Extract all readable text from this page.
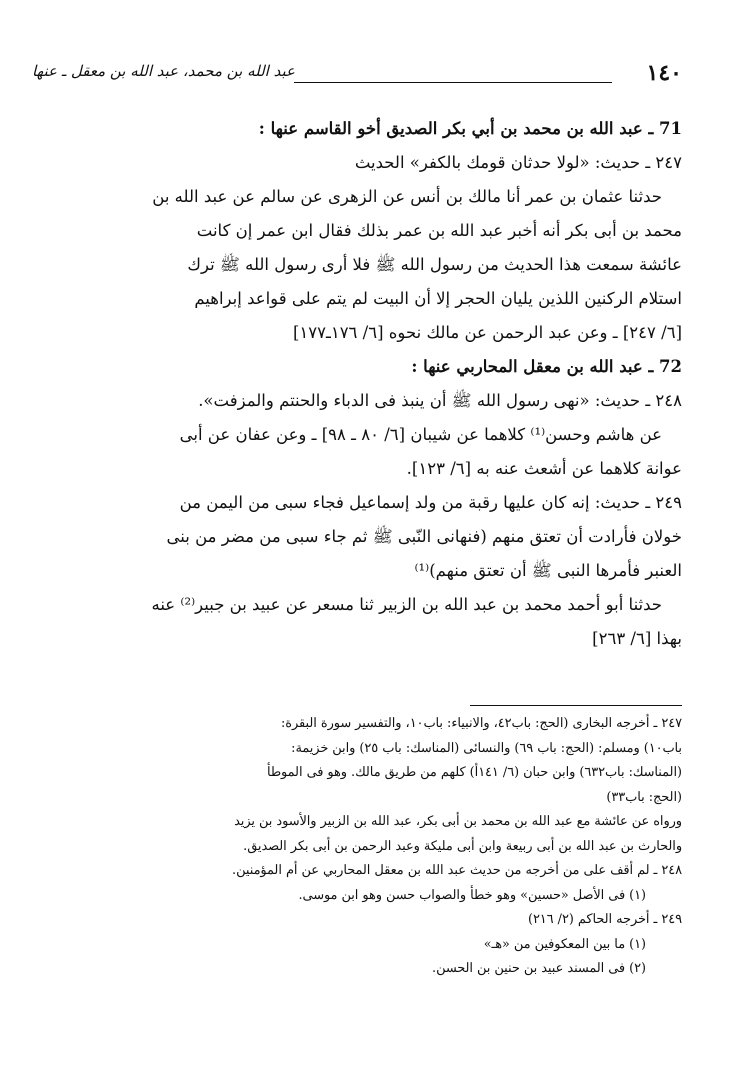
١٤٠
عبد الله بن محمد، عبد الله بن معقل ـ عنها
71 ـ عبد الله بن محمد بن أبي بكر الصديق أخو القاسم عنها :
٢٤٧ ـ حديث: «لولا حدثان قومك بالكفر» الحديث
حدثنا عثمان بن عمر أنا مالك بن أنس عن الزهرى عن سالم عن عبد الله بن
محمد بن أبى بكر أنه أخبر عبد الله بن عمر بذلك فقال ابن عمر إن كانت
عائشة سمعت هذا الحديث من رسول الله ﷺ فلا أرى رسول الله ﷺ ترك
استلام الركنين اللذين يليان الحجر إلا أن البيت لم يتم على قواعد إبراهيم
[٦/ ٢٤٧] ـ وعن عبد الرحمن عن مالك نحوه [٦/ ١٧٦ـ١٧٧]
72 ـ عبد الله بن معقل المحاربي عنها :
٢٤٨ ـ حديث: «نهى رسول الله ﷺ أن ينبذ فى الدباء والحنتم والمزفت».
عن هاشم وحسن⁽¹⁾ كلاهما عن شيبان [٦/ ٨٠ ـ ٩٨] ـ وعن عفان عن أبى
عوانة كلاهما عن أشعث عنه به [٦/ ١٢٣].
٢٤٩ ـ حديث: إنه كان عليها رقبة من ولد إسماعيل فجاء سبى من اليمن من
خولان فأرادت أن تعتق منهم (فنهانى النّبى ﷺ ثم جاء سبى من مضر من بنى
العنبر فأمرها النبى ﷺ أن تعتق منهم)⁽¹⁾
حدثنا أبو أحمد محمد بن عبد الله بن الزبير ثنا مسعر عن عبيد بن جبير⁽²⁾ عنه
بهذا [٦/ ٢٦٣]
٢٤٧ ـ أخرجه البخارى (الحج: باب٤٢، والانبياء: باب١٠، والتفسير سورة البقرة:
باب١٠) ومسلم: (الحج: باب ٦٩) والنسائى (المناسك: باب ٢٥) وابن خزيمة:
(المناسك: باب٦٣٢) وابن حبان (٦/ ١٤١أ) كلهم من طريق مالك. وهو فى الموطأ
(الحج: باب٣٣)
ورواه عن عائشة مع عبد الله بن محمد بن أبى بكر، عبد الله بن الزبير والأسود بن يزيد
والحارث بن عبد الله بن أبى ربيعة وابن أبى مليكة وعبد الرحمن بن أبى بكر الصديق.
٢٤٨ ـ لم أقف على من أخرجه من حديث عبد الله بن معقل المحاربي عن أم المؤمنين.
(١) فى الأصل «حسين» وهو خطأ والصواب حسن وهو ابن موسى.
٢٤٩ ـ أخرجه الحاكم (٢/ ٢١٦)
(١) ما بين المعكوفين من «هـ»
(٢) فى المسند عبيد بن حنين بن الحسن.
